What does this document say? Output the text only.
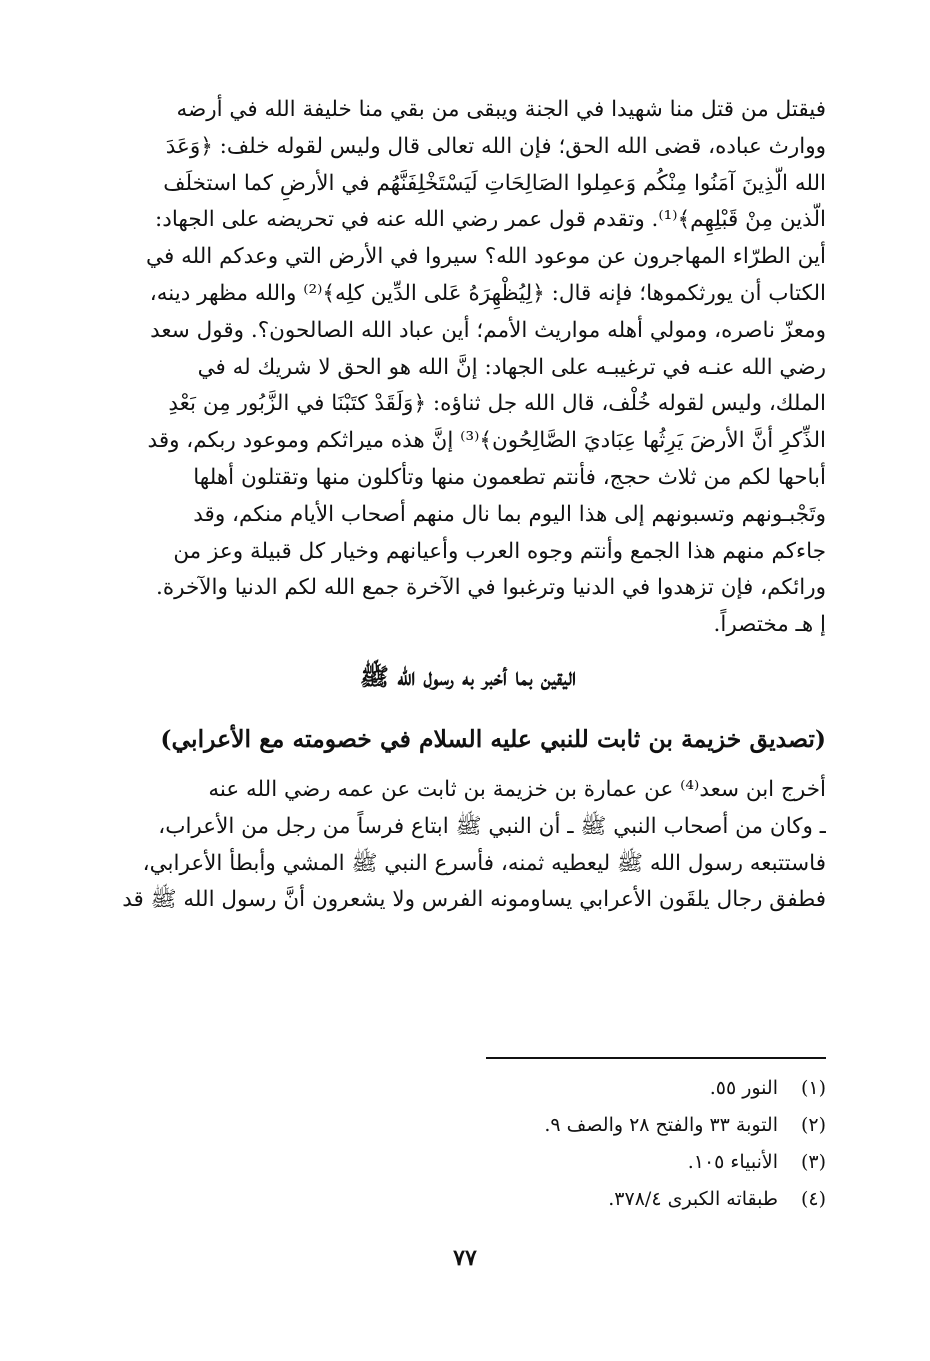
فيقتل من قتل منا شهيدا في الجنة ويبقى من بقي منا خليفة الله في أرضه
ووارث عباده، قضى الله الحق؛ فإن الله تعالى قال وليس لقوله خلف: ﴿وَعَدَ
الله الَّذِينَ آمَنُوا مِنْكُم وَعمِلوا الصَالِحَاتِ لَيَسْتَخْلِفَنَّهُم في الأرضِ كما استخلَف
الَّذين مِنْ قَبْلِهِم﴾⁽¹⁾. وتقدم قول عمر رضي الله عنه في تحريضه على الجهاد:
أين الطرّاء المهاجرون عن موعود الله؟ سيروا في الأرض التي وعدكم الله في
الكتاب أن يورثكموها؛ فإنه قال: ﴿لِيُظْهِرَهُ عَلى الدِّين كلِه﴾⁽²⁾ والله مظهر دينه،
ومعزّ ناصره، ومولي أهله مواريث الأمم؛ أين عباد الله الصالحون؟. وقول سعد
رضي الله عنـه في ترغيبـه على الجهاد: إنَّ الله هو الحق لا شريك له في
الملك، وليس لقوله خُلْف، قال الله جل ثناؤه: ﴿وَلَقَدْ كتَبْنَا في الزَّبُور مِن بَعْدِ
الذِّكرِ أنَّ الأرضَ يَرِثُها عِبَاديَ الصَّالِحُون﴾⁽³⁾ إنَّ هذه ميراثكم وموعود ربكم، وقد
أباحها لكم من ثلاث حجج، فأنتم تطعمون منها وتأكلون منها وتقتلون أهلها
وتَجْبـونهم وتسبونهم إلى هذا اليوم بما نال منهم أصحاب الأيام منكم، وقد
جاءكم منهم هذا الجمع وأنتم وجوه العرب وأعيانهم وخيار كل قبيلة وعز من
ورائكم، فإن تزهدوا في الدنيا وترغبوا في الآخرة جمع الله لكم الدنيا والآخرة.
إ هـ مختصراً.
اليقين بما أخبر به رسول الله ﷺ
(تصديق خزيمة بن ثابت للنبي عليه السلام في خصومته مع الأعرابي)
أخرج ابن سعد⁽⁴⁾ عن عمارة بن خزيمة بن ثابت عن عمه رضي الله عنه
ـ وكان من أصحاب النبي ﷺ ـ أن النبي ﷺ ابتاع فرساً من رجل من الأعراب،
فاستتبعه رسول الله ﷺ ليعطيه ثمنه، فأسرع النبي ﷺ المشي وأبطأ الأعرابي،
فطفق رجال يلقَون الأعرابي يساومونه الفرس ولا يشعرون أنَّ رسول الله ﷺ قد
(١)النور ٥٥.
(٢)التوبة ٣٣ والفتح ٢٨ والصف ٩.
(٣)الأنبياء ١٠٥.
(٤)طبقاته الكبرى ٣٧٨/٤.
٧٧
